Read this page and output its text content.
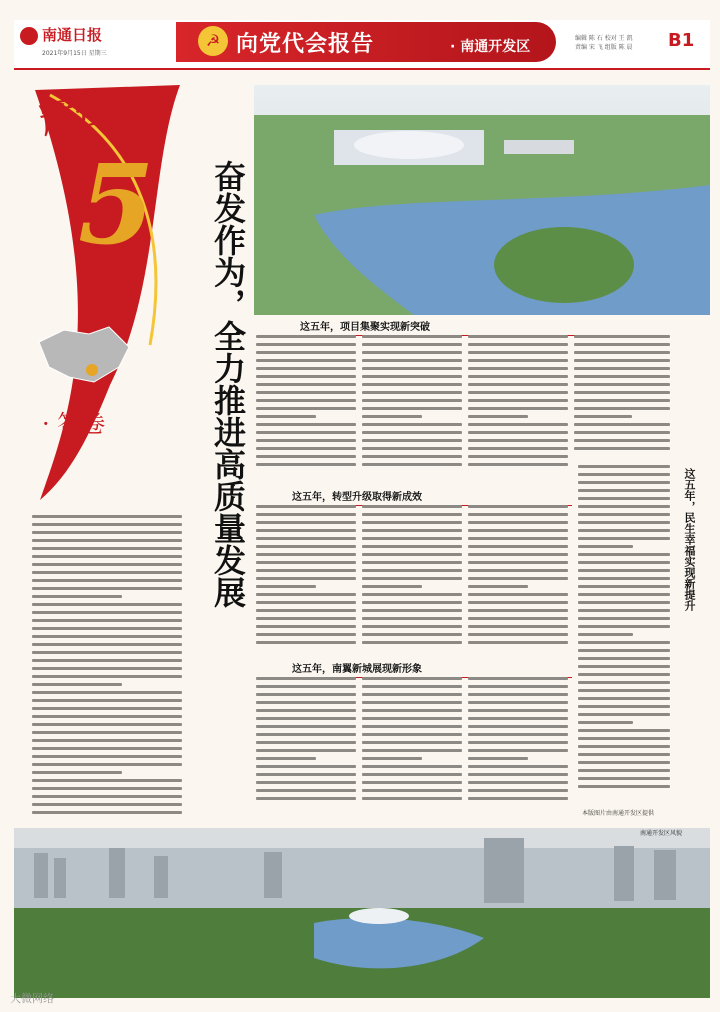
南通日报
2021年9月15日 星期三
☭ 向党代会报告	· 南通开发区
编辑 陈 石 校对 王 凯
责编 宋 飞 组版 陈 晨 B1
辉煌
5
年
· 答卷	奋发作为，全力推进高质量发展	这五年，项目集聚实现新突破
这五年，转型升级取得新成效
这五年，南翼新城展现新形象
这五年，民生幸福实现新提升
本版图片由南通开发区提供
南通开发区风貌
大微网络
